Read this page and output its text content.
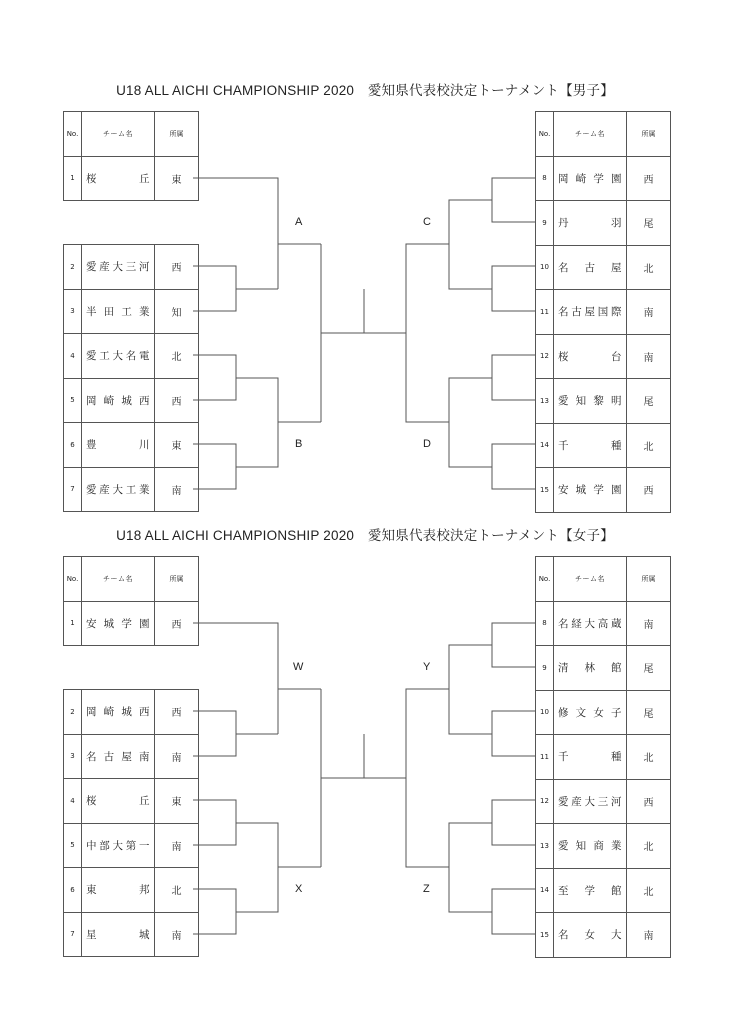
U18 ALL AICHI CHAMPIONSHIP 2020　 愛知県代表校決定トーナメント【男子】
No.	チーム名	所属
1	桜　　丘	東
2	愛産大三河	西
3	半田工業	知
4	愛工大名電	北
5	岡崎城西	西
6	豊　　川	東
7	愛産大工業	南
No.	チーム名	所属
8	岡崎学園	西
9	丹　　羽	尾
10	名古屋	北
11	名古屋国際	南
12	桜　　台	南
13	愛知黎明	尾
14	千　　種	北
15	安城学園	西
A
B
C
D
U18 ALL AICHI CHAMPIONSHIP 2020　 愛知県代表校決定トーナメント【女子】
No.	チーム名	所属
1	安城学園	西
2	岡崎城西	西
3	名古屋南	南
4	桜　　丘	東
5	中部大第一	南
6	東　　邦	北
7	星　　城	南
No.	チーム名	所属
8	名経大高蔵	南
9	清林館	尾
10	修文女子	尾
11	千　　種	北
12	愛産大三河	西
13	愛知商業	北
14	至学館	北
15	名　女　大	南
W
X
Y
Z
